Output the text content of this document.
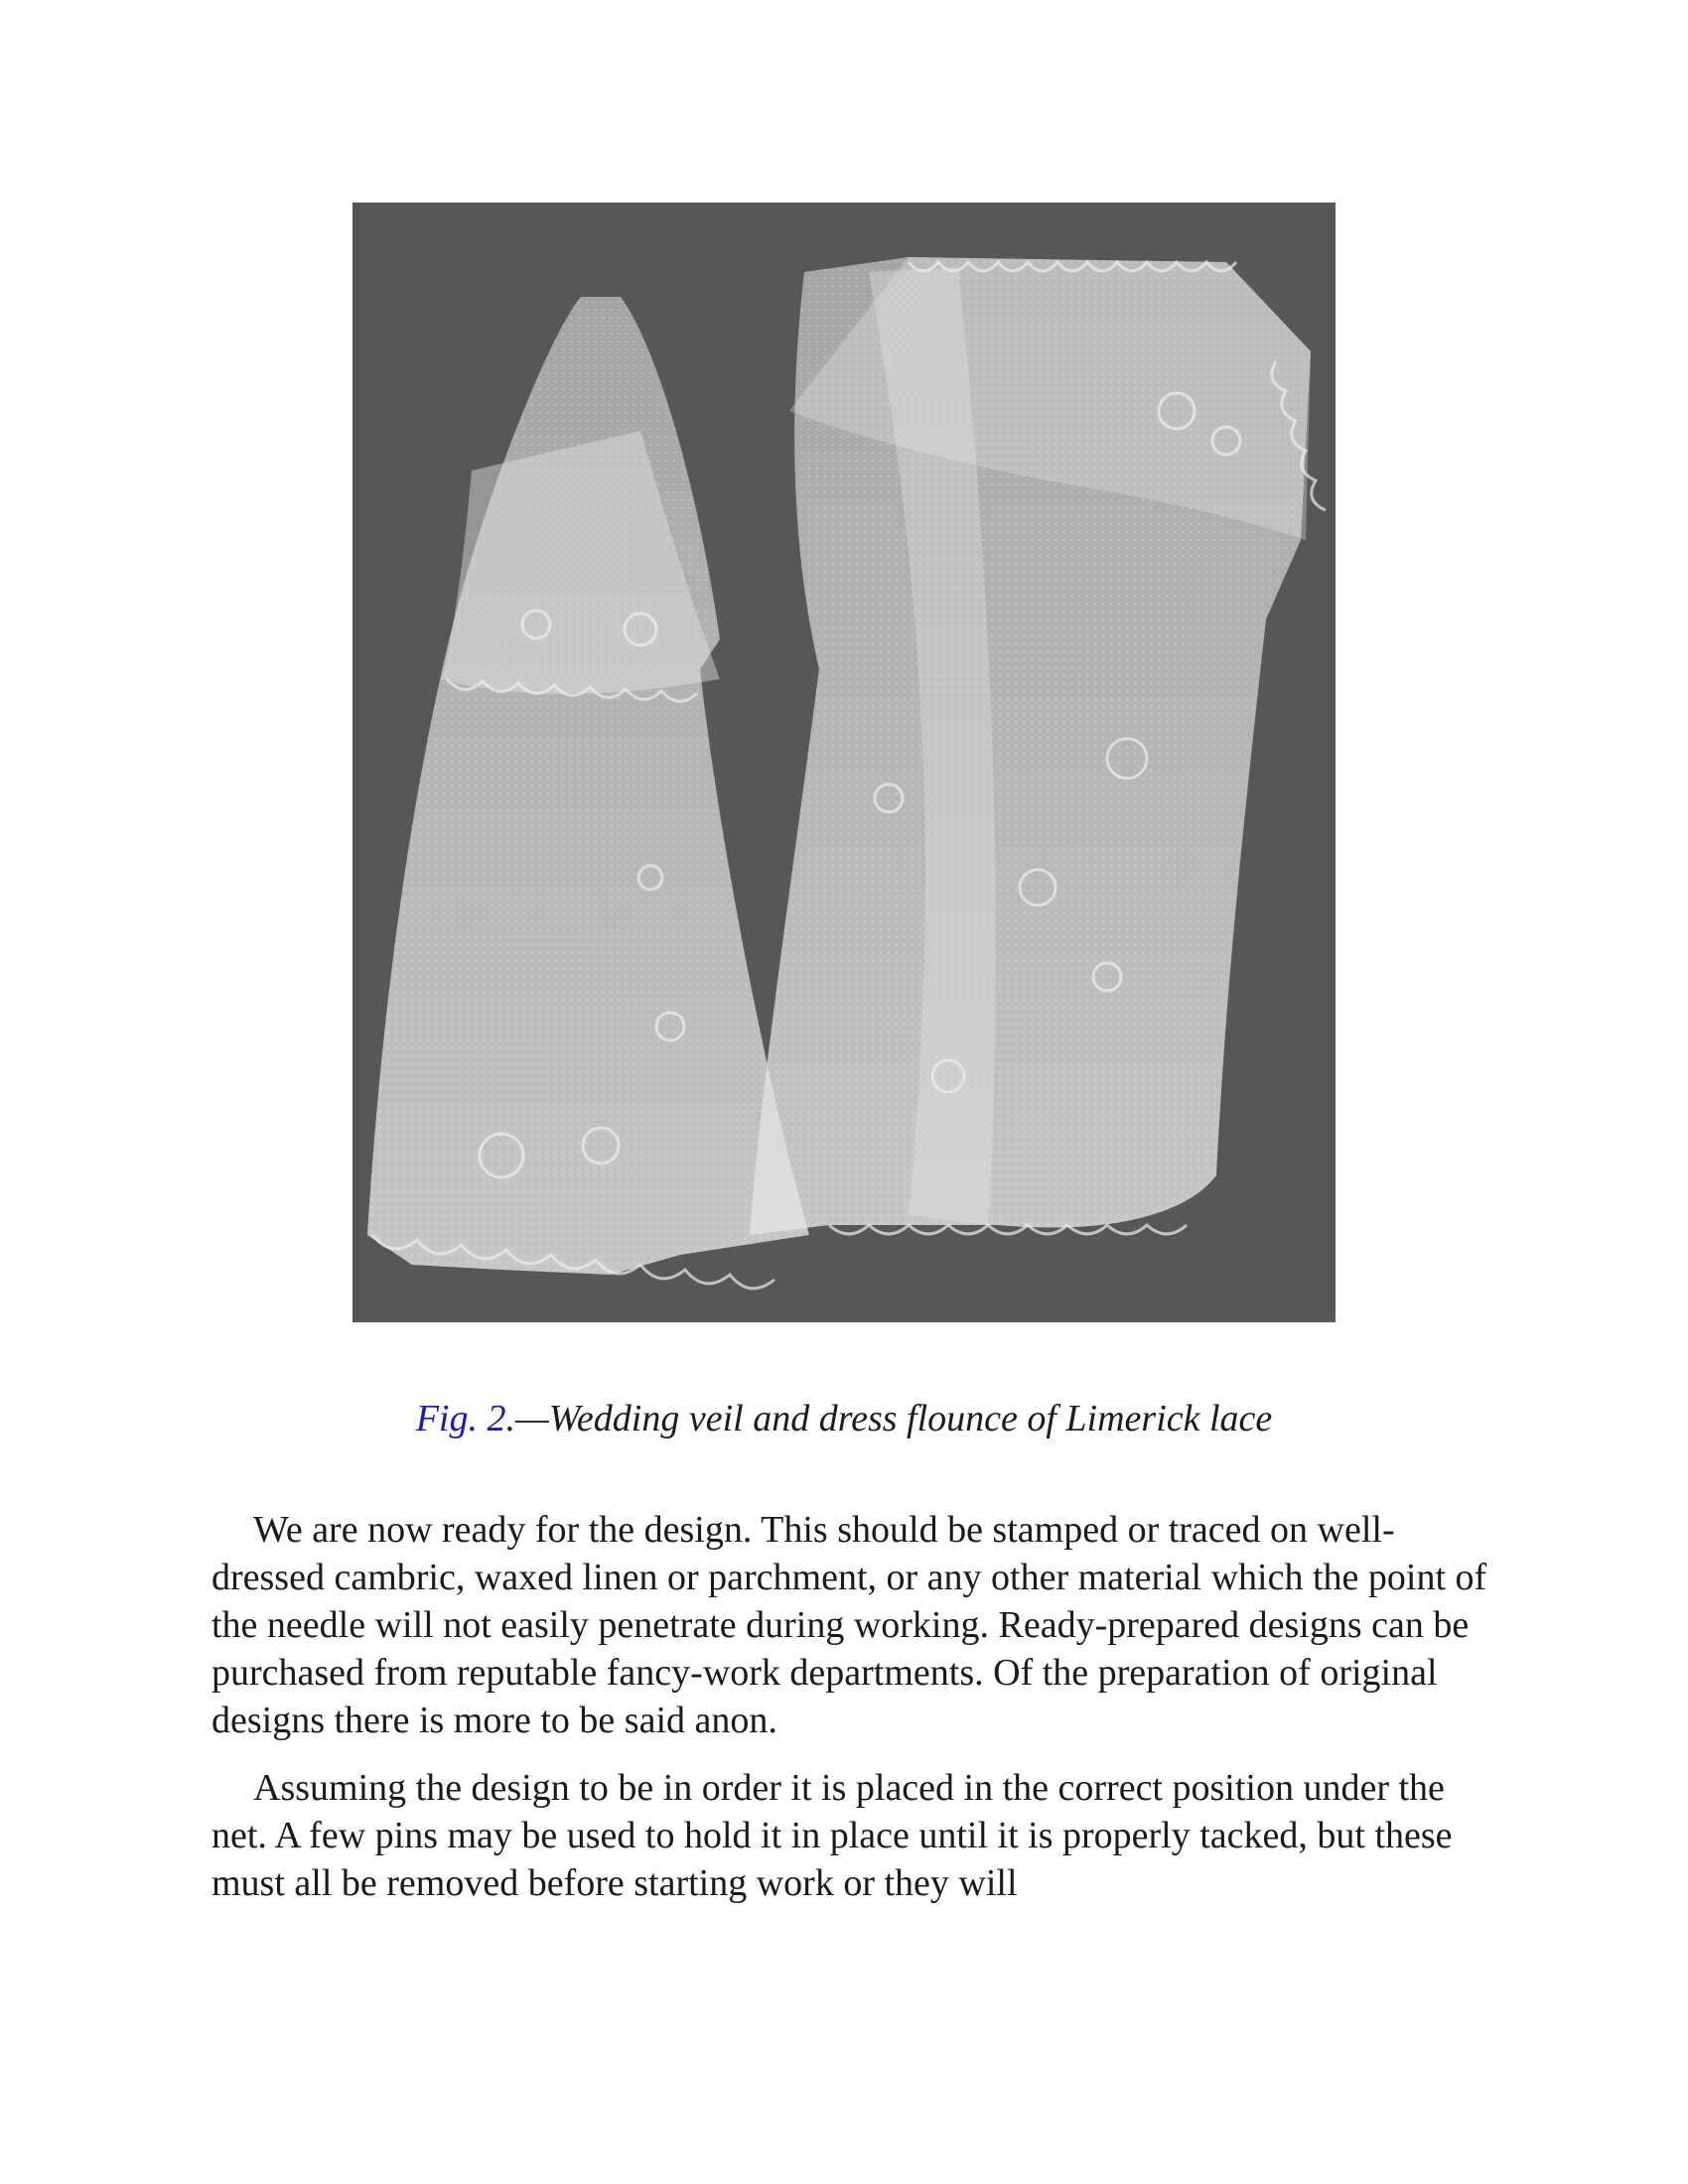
Fig. 2.—Wedding veil and dress flounce of Limerick lace

We are now ready for the design. This should be stamped or traced on well-dressed cambric, waxed linen or parchment, or any other material which the point of the needle will not easily penetrate during working. Ready-prepared designs can be purchased from reputable fancy-work departments. Of the preparation of original designs there is more to be said anon.

Assuming the design to be in order it is placed in the correct position under the net. A few pins may be used to hold it in place until it is properly tacked, but these must all be removed before starting work or they will
